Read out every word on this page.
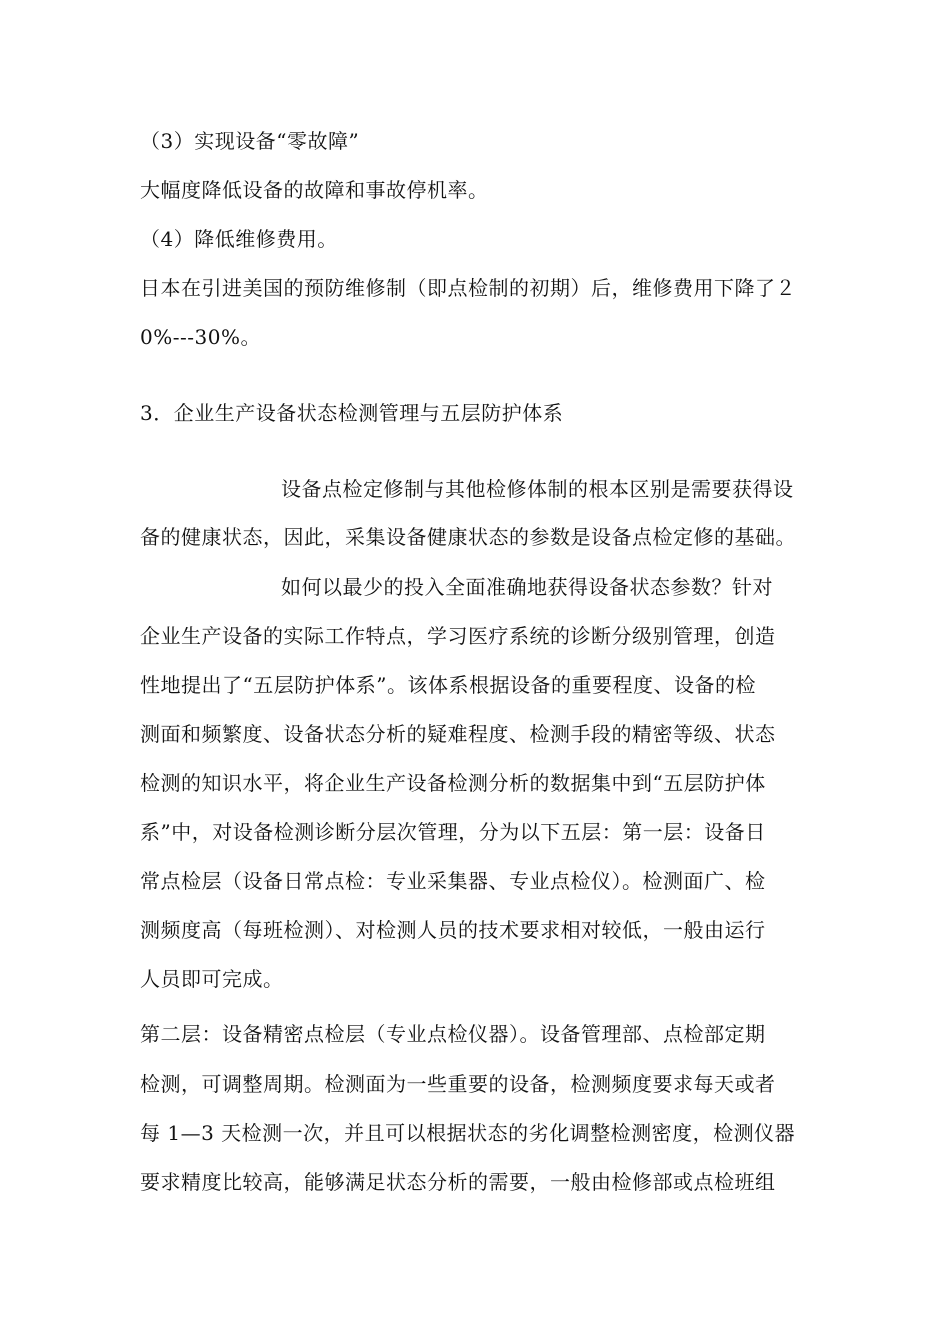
（3）实现设备“零故障”
大幅度降低设备的故障和事故停机率。
（4）降低维修费用。
日本在引进美国的预防维修制（即点检制的初期）后，维修费用下降了２
0%---30%。
3．企业生产设备状态检测管理与五层防护体系
设备点检定修制与其他检修体制的根本区别是需要获得设
备的健康状态，因此，采集设备健康状态的参数是设备点检定修的基础。
如何以最少的投入全面准确地获得设备状态参数？针对
企业生产设备的实际工作特点，学习医疗系统的诊断分级别管理，创造
性地提出了“五层防护体系”。该体系根据设备的重要程度、设备的检
测面和频繁度、设备状态分析的疑难程度、检测手段的精密等级、状态
检测的知识水平，将企业生产设备检测分析的数据集中到“五层防护体
系”中，对设备检测诊断分层次管理，分为以下五层：第一层：设备日
常点检层（设备日常点检：专业采集器、专业点检仪）。检测面广、检
测频度高（每班检测）、对检测人员的技术要求相对较低，一般由运行
人员即可完成。
第二层：设备精密点检层（专业点检仪器）。设备管理部、点检部定期
检测，可调整周期。检测面为一些重要的设备，检测频度要求每天或者
每 1—3 天检测一次，并且可以根据状态的劣化调整检测密度，检测仪器
要求精度比较高，能够满足状态分析的需要，一般由检修部或点检班组
